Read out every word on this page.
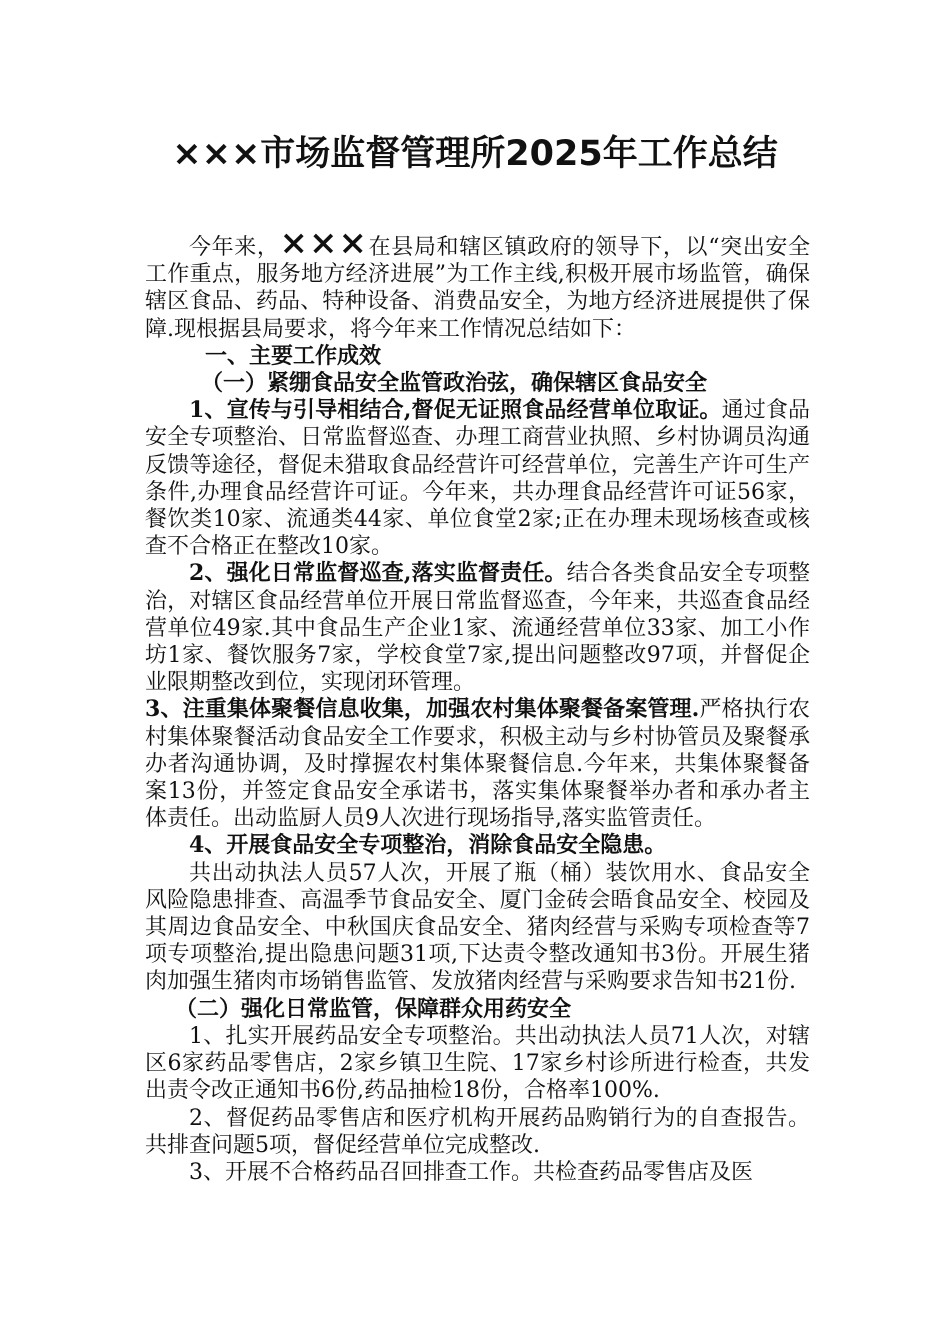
×××市场监督管理所2025年工作总结

今年来，×××在县局和辖区镇政府的领导下，以“突出安全工作重点，服务地方经济进展”为工作主线,积极开展市场监管，确保辖区食品、药品、特种设备、消费品安全，为地方经济进展提供了保障.现根据县局要求，将今年来工作情况总结如下：

一、主要工作成效

（一）紧绷食品安全监管政治弦，确保辖区食品安全

1、宣传与引导相结合,督促无证照食品经营单位取证。通过食品安全专项整治、日常监督巡查、办理工商营业执照、乡村协调员沟通反馈等途径，督促未猎取食品经营许可经营单位，完善生产许可生产条件,办理食品经营许可证。今年来，共办理食品经营许可证56家，餐饮类10家、流通类44家、单位食堂2家;正在办理未现场核查或核查不合格正在整改10家。

2、强化日常监督巡查,落实监督责任。结合各类食品安全专项整治，对辖区食品经营单位开展日常监督巡查，今年来，共巡查食品经营单位49家.其中食品生产企业1家、流通经营单位33家、加工小作坊1家、餐饮服务7家，学校食堂7家,提出问题整改97项，并督促企业限期整改到位，实现闭环管理。

3、注重集体聚餐信息收集，加强农村集体聚餐备案管理.严格执行农村集体聚餐活动食品安全工作要求，积极主动与乡村协管员及聚餐承办者沟通协调，及时撑握农村集体聚餐信息.今年来，共集体聚餐备案13份，并签定食品安全承诺书，落实集体聚餐举办者和承办者主体责任。出动监厨人员9人次进行现场指导,落实监管责任。

4、开展食品安全专项整治，消除食品安全隐患。

共出动执法人员57人次，开展了瓶（桶）装饮用水、食品安全风险隐患排查、高温季节食品安全、厦门金砖会晤食品安全、校园及其周边食品安全、中秋国庆食品安全、猪肉经营与采购专项检查等7项专项整治,提出隐患问题31项,下达责令整改通知书3份。开展生猪肉加强生猪肉市场销售监管、发放猪肉经营与采购要求告知书21份.

（二）强化日常监管，保障群众用药安全

1、扎实开展药品安全专项整治。共出动执法人员71人次，对辖区6家药品零售店，2家乡镇卫生院、17家乡村诊所进行检查，共发出责令改正通知书6份,药品抽检18份，合格率100%.

2、督促药品零售店和医疗机构开展药品购销行为的自查报告。共排查问题5项，督促经营单位完成整改.

3、开展不合格药品召回排查工作。共检查药品零售店及医
